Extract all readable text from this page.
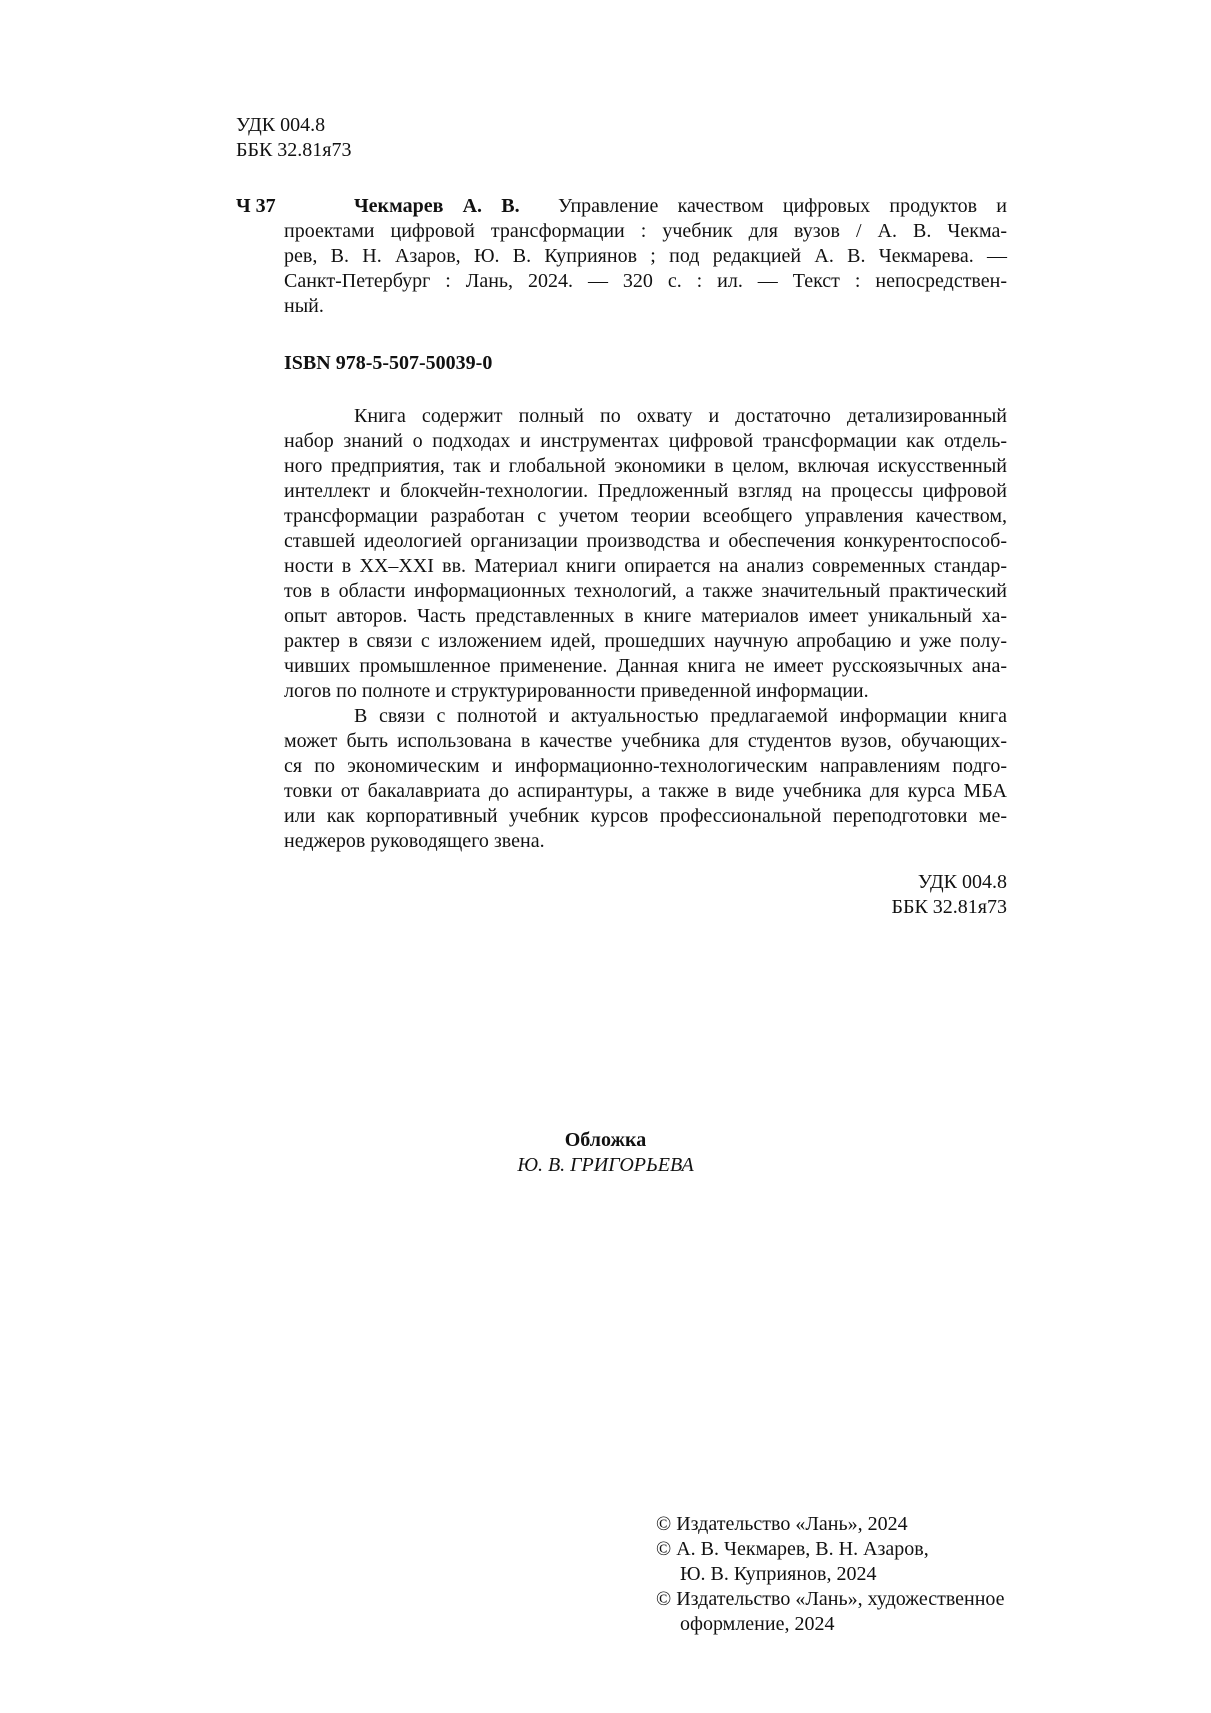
УДК 004.8
ББК 32.81я73
Ч 37	Чекмарев А. В. Управление качеством цифровых продуктов и
проектами цифровой трансформации : учебник для вузов / А. В. Чекма-
рев, В. Н. Азаров, Ю. В. Куприянов ; под редакцией А. В. Чекмарева. —
Санкт-Петербург : Лань, 2024. — 320 с. : ил. — Текст : непосредствен-
ный.
ISBN 978-5-507-50039-0
Книга содержит полный по охвату и достаточно детализированный
набор знаний о подходах и инструментах цифровой трансформации как отдель-
ного предприятия, так и глобальной экономики в целом, включая искусственный
интеллект и блокчейн-технологии. Предложенный взгляд на процессы цифровой
трансформации разработан с учетом теории всеобщего управления качеством,
ставшей идеологией организации производства и обеспечения конкурентоспособ-
ности в XX–XXI вв. Материал книги опирается на анализ современных стандар-
тов в области информационных технологий, а также значительный практический
опыт авторов. Часть представленных в книге материалов имеет уникальный ха-
рактер в связи с изложением идей, прошедших научную апробацию и уже полу-
чивших промышленное применение. Данная книга не имеет русскоязычных ана-
логов по полноте и структурированности приведенной информации.
В связи с полнотой и актуальностью предлагаемой информации книга
может быть использована в качестве учебника для студентов вузов, обучающих-
ся по экономическим и информационно-технологическим направлениям подго-
товки от бакалавриата до аспирантуры, а также в виде учебника для курса МБА
или как корпоративный учебник курсов профессиональной переподготовки ме-
неджеров руководящего звена.
УДК 004.8
ББК 32.81я73
Обложка
Ю. В. ГРИГОРЬЕВА
© Издательство «Лань», 2024
© А. В. Чекмарев, В. Н. Азаров,
Ю. В. Куприянов, 2024
© Издательство «Лань», художественное
оформление, 2024
